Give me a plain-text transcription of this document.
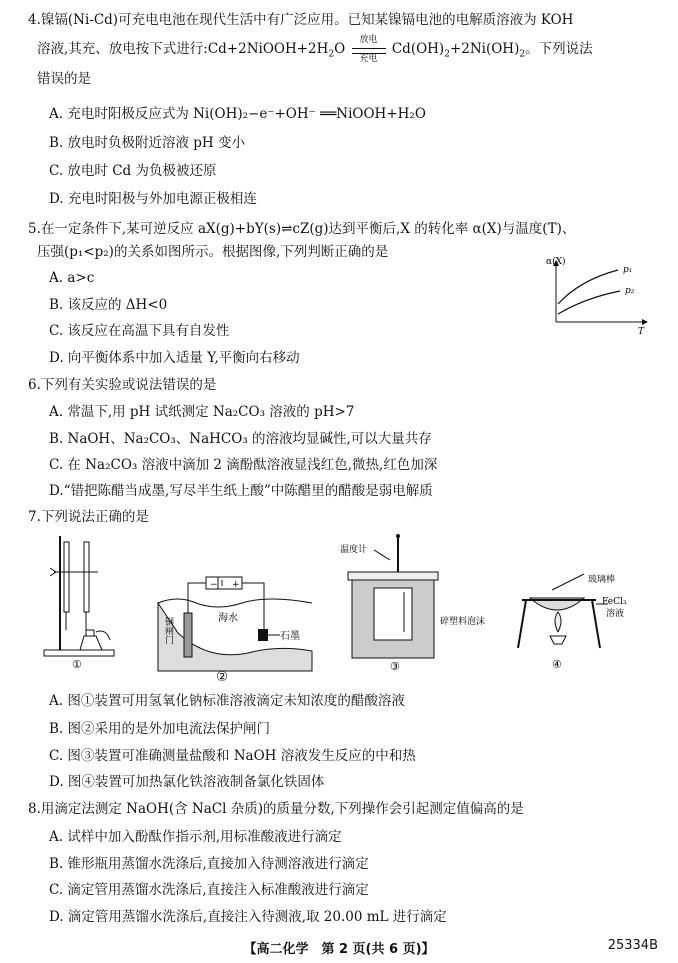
4.镍镉(Ni-Cd)可充电电池在现代生活中有广泛应用。已知某镍镉电池的电解质溶液为 KOH
溶液,其充、放电按下式进行$:Cd+2NiOOH+2H_2O$
放电
充电
$Cd(OH)_2+2Ni(OH)_2$。下列说法
错误的是
A. 充电时阳极反应式为 Ni(OH)₂−e⁻+OH⁻ ══NiOOH+H₂O
B. 放电时负极附近溶液 pH 变小
C. 放电时 Cd 为负极被还原
D. 充电时阳极与外加电源正极相连
5.在一定条件下,某可逆反应 aX(g)+bY(s)⇌cZ(g)达到平衡后,X 的转化率 α(X)与温度(T)、
压强(p₁<p₂)的关系如图所示。根据图像,下列判断正确的是
A. a>c
B. 该反应的 ΔH<0
C. 该反应在高温下具有自发性
D. 向平衡体系中加入适量 Y,平衡向右移动
α(X)
p₁
p₂
T
6.下列有关实验或说法错误的是
A. 常温下,用 pH 试纸测定 Na₂CO₃ 溶液的 pH>7
B. NaOH、Na₂CO₃、NaHCO₃ 的溶液均显碱性,可以大量共存
C. 在 Na₂CO₃ 溶液中滴加 2 滴酚酞溶液显浅红色,微热,红色加深
D.“错把陈醋当成墨,写尽半生纸上酸”中陈醋里的醋酸是弱电解质
7.下列说法正确的是
①
− +
钢闸门	海水
石墨
②
温度计
碎塑料泡沫
③
玻璃棒
FeCl₃
溶液
④
A. 图①装置可用氢氧化钠标准溶液滴定未知浓度的醋酸溶液
B. 图②采用的是外加电流法保护闸门
C. 图③装置可准确测量盐酸和 NaOH 溶液发生反应的中和热
D. 图④装置可加热氯化铁溶液制备氯化铁固体
8.用滴定法测定 NaOH(含 NaCl 杂质)的质量分数,下列操作会引起测定值偏高的是
A. 试样中加入酚酞作指示剂,用标准酸液进行滴定
B. 锥形瓶用蒸馏水洗涤后,直接加入待测溶液进行滴定
C. 滴定管用蒸馏水洗涤后,直接注入标准酸液进行滴定
D. 滴定管用蒸馏水洗涤后,直接注入待测液,取 20.00 mL 进行滴定
【高二化学　第 2 页(共 6 页)】	25334B
